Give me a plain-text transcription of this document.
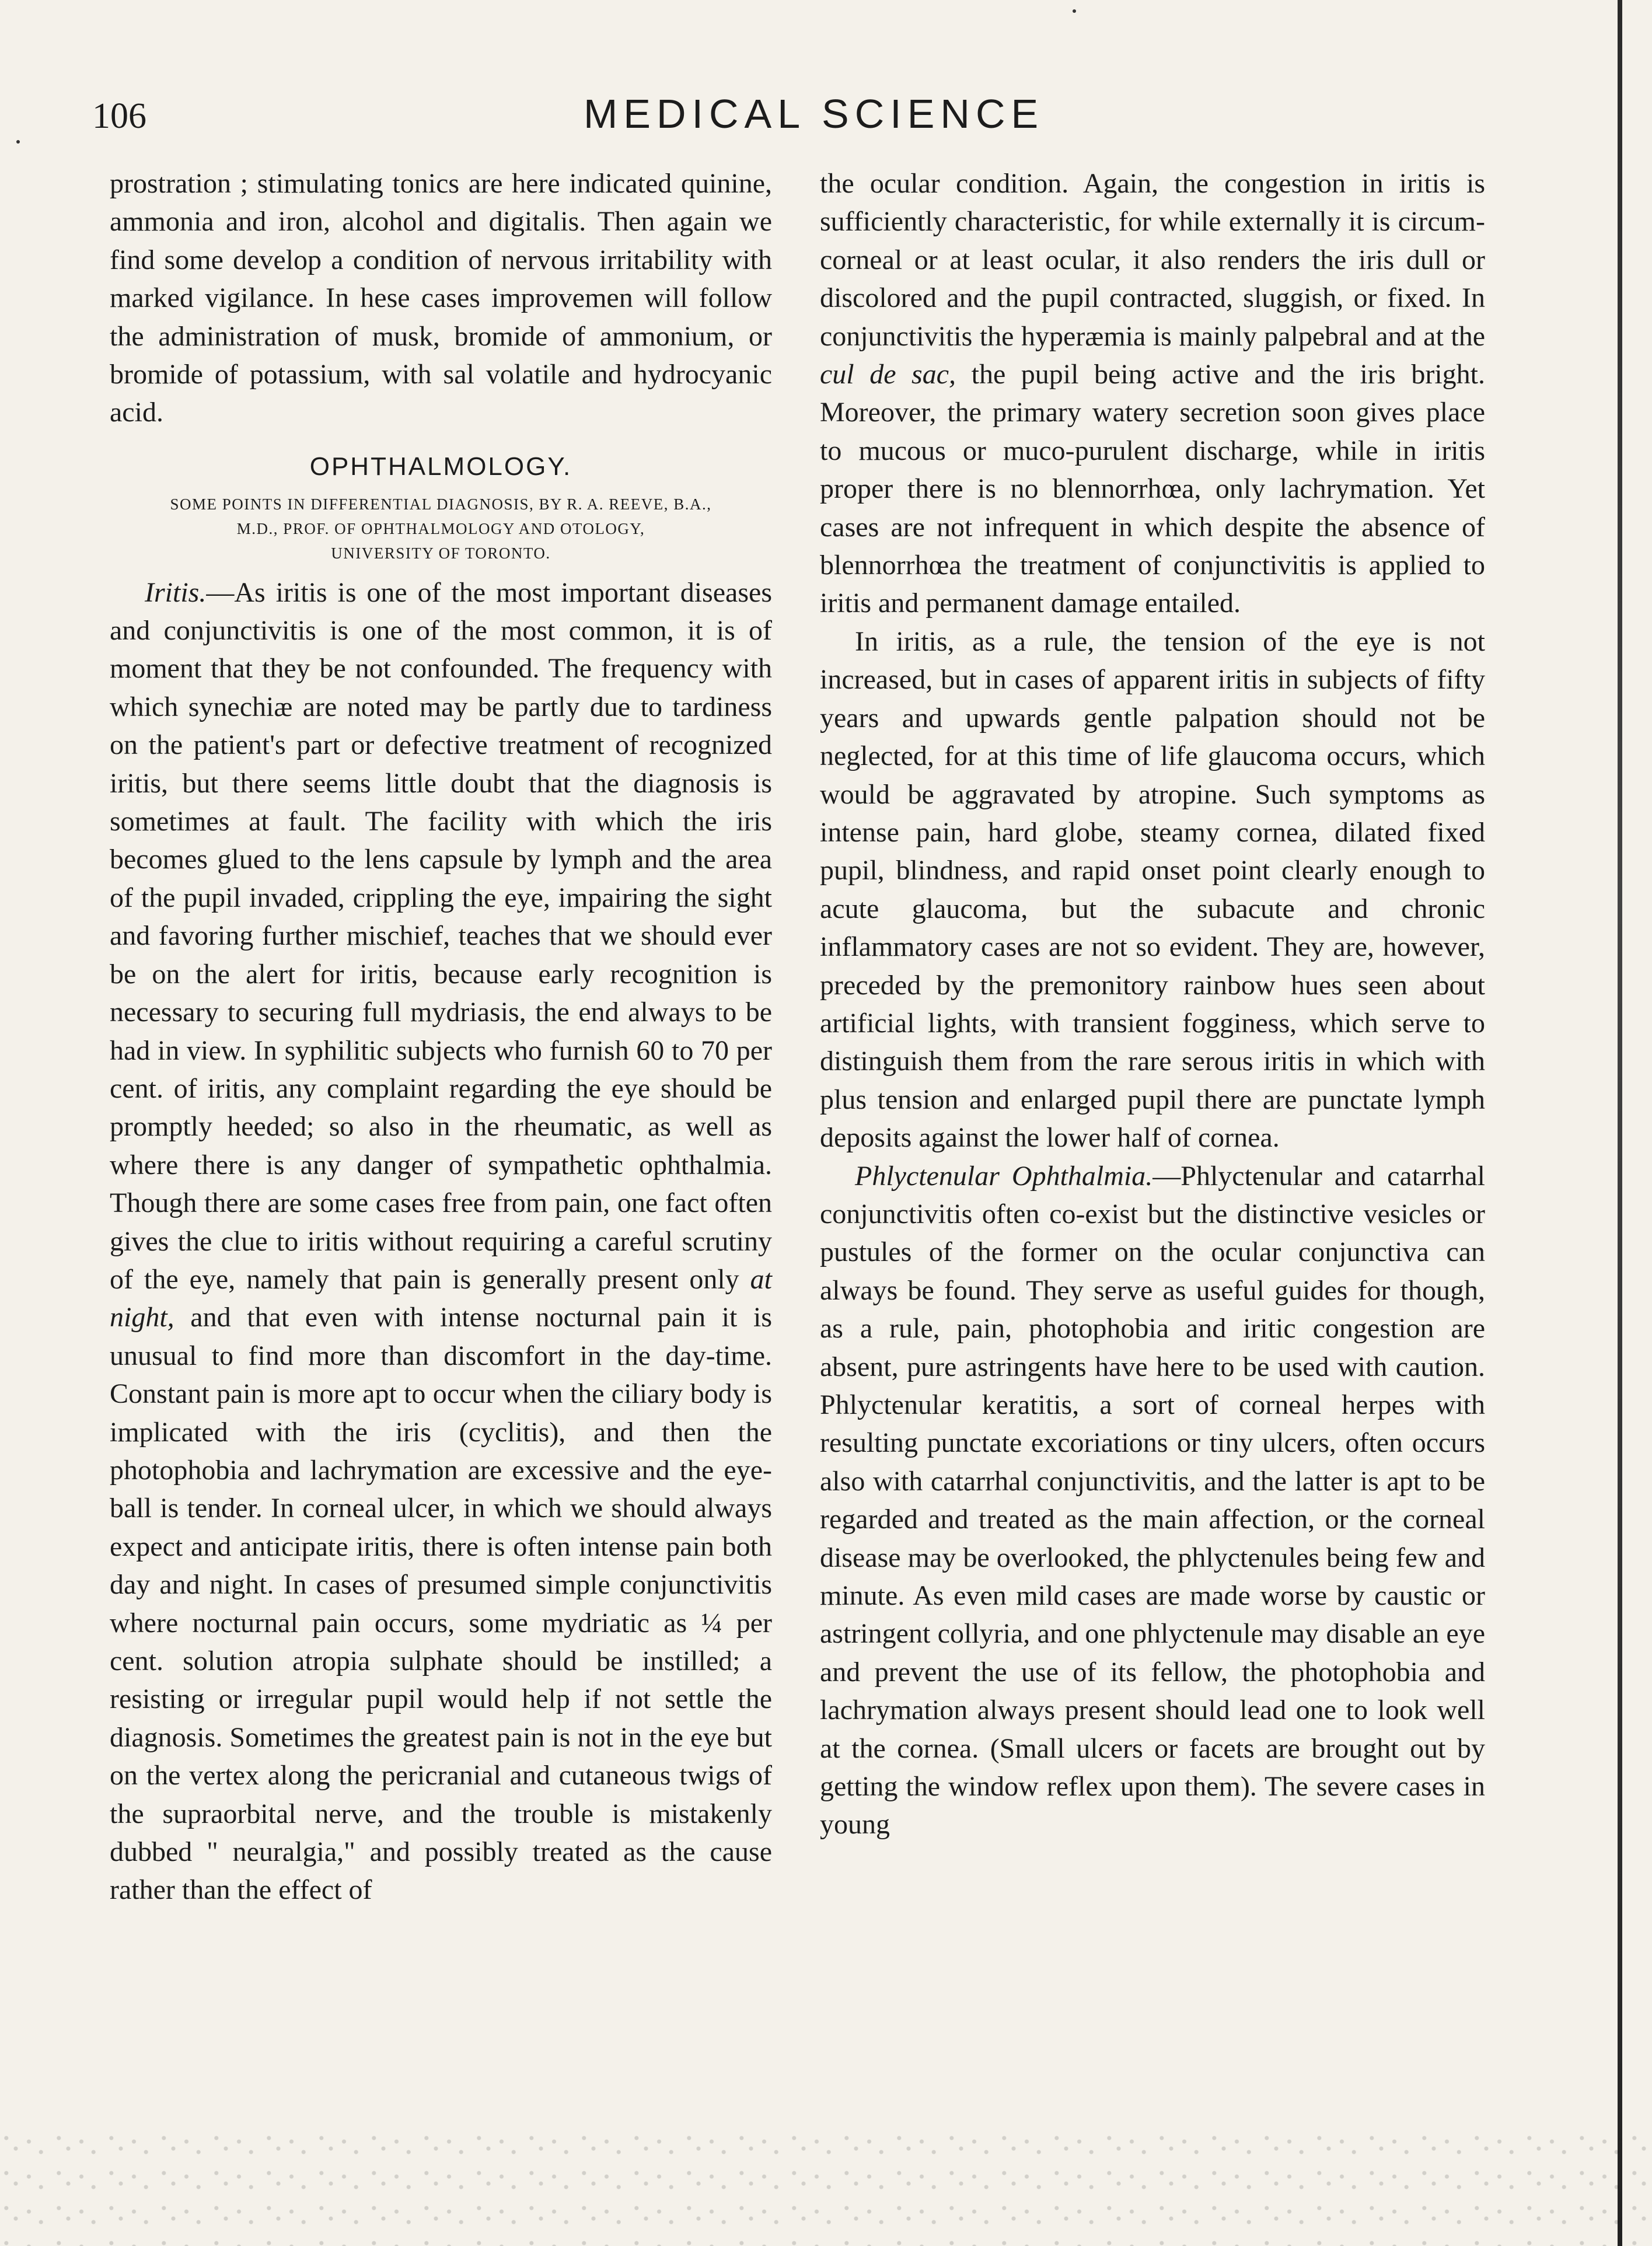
106	MEDICAL SCIENCE

prostration ; stimulating tonics are here indicated quinine, ammonia and iron, alcohol and digitalis. Then again we find some develop a condition of nervous irritability with marked vigilance. In hese cases improvemen will follow the administration of musk, bromide of ammonium, or bromide of potassium, with sal volatile and hydrocyanic acid.

OPHTHALMOLOGY.
SOME POINTS IN DIFFERENTIAL DIAGNOSIS, BY R. A. REEVE, B.A.,
M.D., PROF. OF OPHTHALMOLOGY AND OTOLOGY,
UNIVERSITY OF TORONTO.

Iritis.—As iritis is one of the most important diseases and conjunctivitis is one of the most common, it is of moment that they be not confounded. The frequency with which synechiæ are noted may be partly due to tardiness on the patient's part or defective treatment of recognized iritis, but there seems little doubt that the diagnosis is sometimes at fault. The facility with which the iris becomes glued to the lens capsule by lymph and the area of the pupil invaded, crippling the eye, impairing the sight and favoring further mischief, teaches that we should ever be on the alert for iritis, because early recognition is necessary to securing full mydriasis, the end always to be had in view. In syphilitic subjects who furnish 60 to 70 per cent. of iritis, any complaint regarding the eye should be promptly heeded; so also in the rheumatic, as well as where there is any danger of sympathetic ophthalmia. Though there are some cases free from pain, one fact often gives the clue to iritis without requiring a careful scrutiny of the eye, namely that pain is generally present only at night, and that even with intense nocturnal pain it is unusual to find more than discomfort in the day-time. Constant pain is more apt to occur when the ciliary body is implicated with the iris (cyclitis), and then the photophobia and lachrymation are excessive and the eye-ball is tender. In corneal ulcer, in which we should always expect and anticipate iritis, there is often intense pain both day and night. In cases of presumed simple conjunctivitis where nocturnal pain occurs, some mydriatic as ¼ per cent. solution atropia sulphate should be instilled; a resisting or irregular pupil would help if not settle the diagnosis. Sometimes the greatest pain is not in the eye but on the vertex along the pericranial and cutaneous twigs of the supraorbital nerve, and the trouble is mistakenly dubbed " neuralgia," and possibly treated as the cause rather than the effect of

the ocular condition. Again, the congestion in iritis is sufficiently characteristic, for while externally it is circum-corneal or at least ocular, it also renders the iris dull or discolored and the pupil contracted, sluggish, or fixed. In conjunctivitis the hyperæmia is mainly palpebral and at the cul de sac, the pupil being active and the iris bright. Moreover, the primary watery secretion soon gives place to mucous or muco-purulent discharge, while in iritis proper there is no blennorrhœa, only lachrymation. Yet cases are not infrequent in which despite the absence of blennorrhœa the treatment of conjunctivitis is applied to iritis and permanent damage entailed.

In iritis, as a rule, the tension of the eye is not increased, but in cases of apparent iritis in subjects of fifty years and upwards gentle palpation should not be neglected, for at this time of life glaucoma occurs, which would be aggravated by atropine. Such symptoms as intense pain, hard globe, steamy cornea, dilated fixed pupil, blindness, and rapid onset point clearly enough to acute glaucoma, but the subacute and chronic inflammatory cases are not so evident. They are, however, preceded by the premonitory rainbow hues seen about artificial lights, with transient fogginess, which serve to distinguish them from the rare serous iritis in which with plus tension and enlarged pupil there are punctate lymph deposits against the lower half of cornea.

Phlyctenular Ophthalmia.—Phlyctenular and catarrhal conjunctivitis often co-exist but the distinctive vesicles or pustules of the former on the ocular conjunctiva can always be found. They serve as useful guides for though, as a rule, pain, photophobia and iritic congestion are absent, pure astringents have here to be used with caution. Phlyctenular keratitis, a sort of corneal herpes with resulting punctate excoriations or tiny ulcers, often occurs also with catarrhal conjunctivitis, and the latter is apt to be regarded and treated as the main affection, or the corneal disease may be overlooked, the phlyctenules being few and minute. As even mild cases are made worse by caustic or astringent collyria, and one phlyctenule may disable an eye and prevent the use of its fellow, the photophobia and lachrymation always present should lead one to look well at the cornea. (Small ulcers or facets are brought out by getting the window reflex upon them). The severe cases in young
